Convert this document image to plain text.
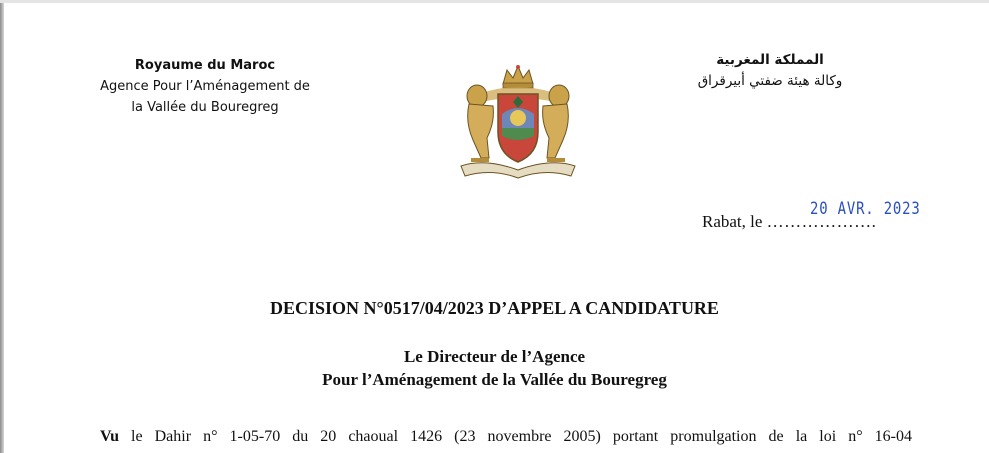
Royaume du Maroc
Agence Pour l’Aménagement de
la Vallée du Bouregreg
المملكة المغربية
وكالة هيئة ضفتي أبيرقراق
Rabat, le ……………….
20 AVR. 2023
DECISION N°0517/04/2023 D’APPEL A CANDIDATURE
Le Directeur de l’Agence
Pour l’Aménagement de la Vallée du Bouregreg
Vu le Dahir n° 1-05-70 du 20 chaoual 1426 (23 novembre 2005) portant promulgation de la loi n° 16-04
